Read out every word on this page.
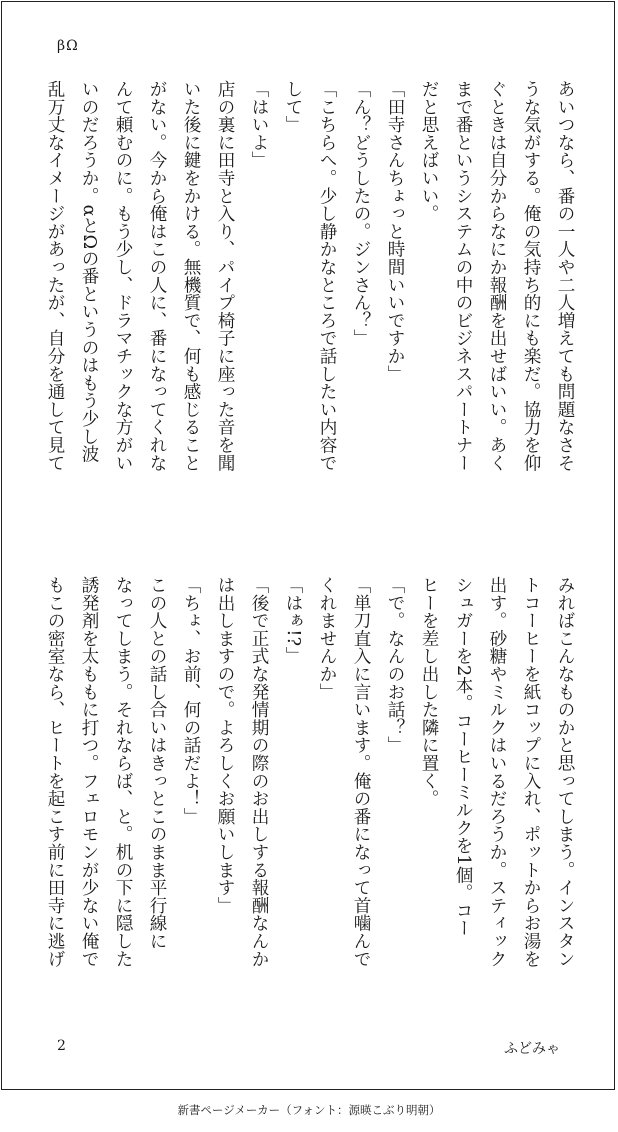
βΩ

あいつなら、番の一人や二人増えても問題なさそ

うな気がする。俺の気持ち的にも楽だ。協力を仰

ぐときは自分からなにか報酬を出せばいい。あく

まで番というシステムの中のビジネスパートナー

だと思えばいい。

「田寺さんちょっと時間いいですか」

「ん？どうしたの。ジンさん？」

「こちらへ。少し静かなところで話したい内容で

して」

「はいよ」

店の裏に田寺と入り、パイプ椅子に座った音を聞

いた後に鍵をかける。無機質で、何も感じること

がない。今から俺はこの人に、番になってくれな

んて頼むのに。もう少し、ドラマチックな方がい

いのだろうか。αとΩの番というのはもう少し波

乱万丈なイメージがあったが、自分を通して見て

みればこんなものかと思ってしまう。インスタン

トコーヒーを紙コップに入れ、ポットからお湯を

出す。砂糖やミルクはいるだろうか。スティック

シュガーを2本。コーヒーミルクを1個。コー

ヒーを差し出した隣に置く。

「で。なんのお話？」

「単刀直入に言います。俺の番になって首噛んで

くれませんか」

「はぁ!?」

「後で正式な発情期の際のお出しする報酬なんか

は出しますので。よろしくお願いします」

「ちょ、お前、何の話だよ！」

この人との話し合いはきっとこのまま平行線に

なってしまう。それならば、と。机の下に隠した

誘発剤を太ももに打つ。フェロモンが少ない俺で

もこの密室なら、ヒートを起こす前に田寺に逃げ

2	ふどみゃ
新書ページメーカー（フォント：源暎こぶり明朝）
